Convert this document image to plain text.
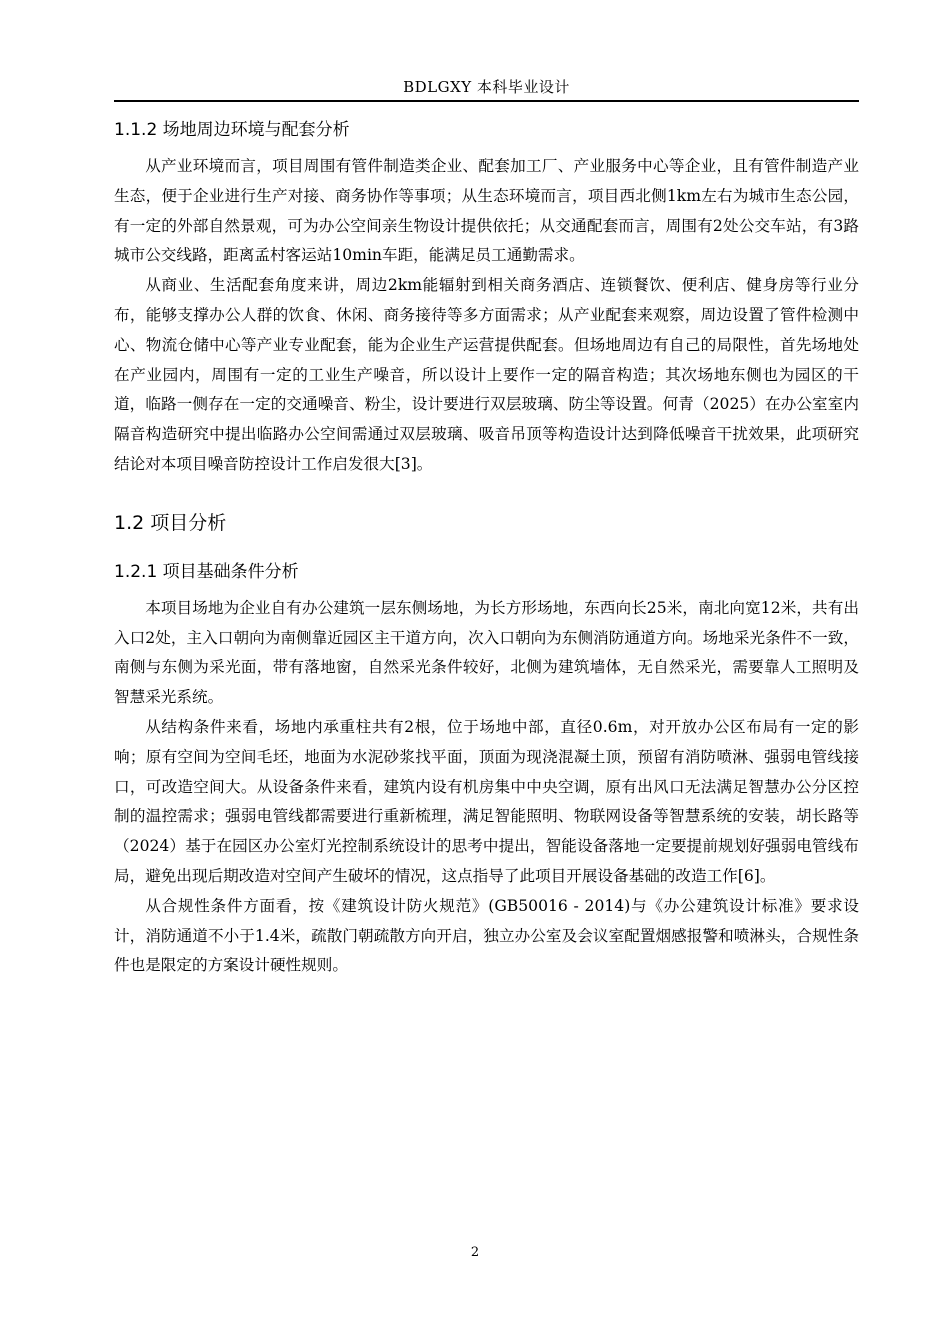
BDLGXY 本科毕业设计
1.1.2 场地周边环境与配套分析

从产业环境而言，项目周围有管件制造类企业、配套加工厂、产业服务中心等企业，且有管件制造产业生态，便于企业进行生产对接、商务协作等事项；从生态环境而言，项目西北侧1km左右为城市生态公园，有一定的外部自然景观，可为办公空间亲生物设计提供依托；从交通配套而言，周围有2处公交车站，有3路城市公交线路，距离孟村客运站10min车距，能满足员工通勤需求。

从商业、生活配套角度来讲，周边2km能辐射到相关商务酒店、连锁餐饮、便利店、健身房等行业分布，能够支撑办公人群的饮食、休闲、商务接待等多方面需求；从产业配套来观察，周边设置了管件检测中心、物流仓储中心等产业专业配套，能为企业生产运营提供配套。但场地周边有自己的局限性，首先场地处在产业园内，周围有一定的工业生产噪音，所以设计上要作一定的隔音构造；其次场地东侧也为园区的干道，临路一侧存在一定的交通噪音、粉尘，设计要进行双层玻璃、防尘等设置。何青（2025）在办公室室内隔音构造研究中提出临路办公空间需通过双层玻璃、吸音吊顶等构造设计达到降低噪音干扰效果，此项研究结论对本项目噪音防控设计工作启发很大[3]。

1.2 项目分析
1.2.1 项目基础条件分析

本项目场地为企业自有办公建筑一层东侧场地，为长方形场地，东西向长25米，南北向宽12米，共有出入口2处，主入口朝向为南侧靠近园区主干道方向，次入口朝向为东侧消防通道方向。场地采光条件不一致，南侧与东侧为采光面，带有落地窗，自然采光条件较好，北侧为建筑墙体，无自然采光，需要靠人工照明及智慧采光系统。

从结构条件来看，场地内承重柱共有2根，位于场地中部，直径0.6m，对开放办公区布局有一定的影响；原有空间为空间毛坯，地面为水泥砂浆找平面，顶面为现浇混凝土顶，预留有消防喷淋、强弱电管线接口，可改造空间大。从设备条件来看，建筑内设有机房集中中央空调，原有出风口无法满足智慧办公分区控制的温控需求；强弱电管线都需要进行重新梳理，满足智能照明、物联网设备等智慧系统的安装，胡长路等（2024）基于在园区办公室灯光控制系统设计的思考中提出，智能设备落地一定要提前规划好强弱电管线布局，避免出现后期改造对空间产生破坏的情况，这点指导了此项目开展设备基础的改造工作[6]。

从合规性条件方面看，按《建筑设计防火规范》(GB50016 - 2014)与《办公建筑设计标准》要求设计，消防通道不小于1.4米，疏散门朝疏散方向开启，独立办公室及会议室配置烟感报警和喷淋头，合规性条件也是限定的方案设计硬性规则。

2
